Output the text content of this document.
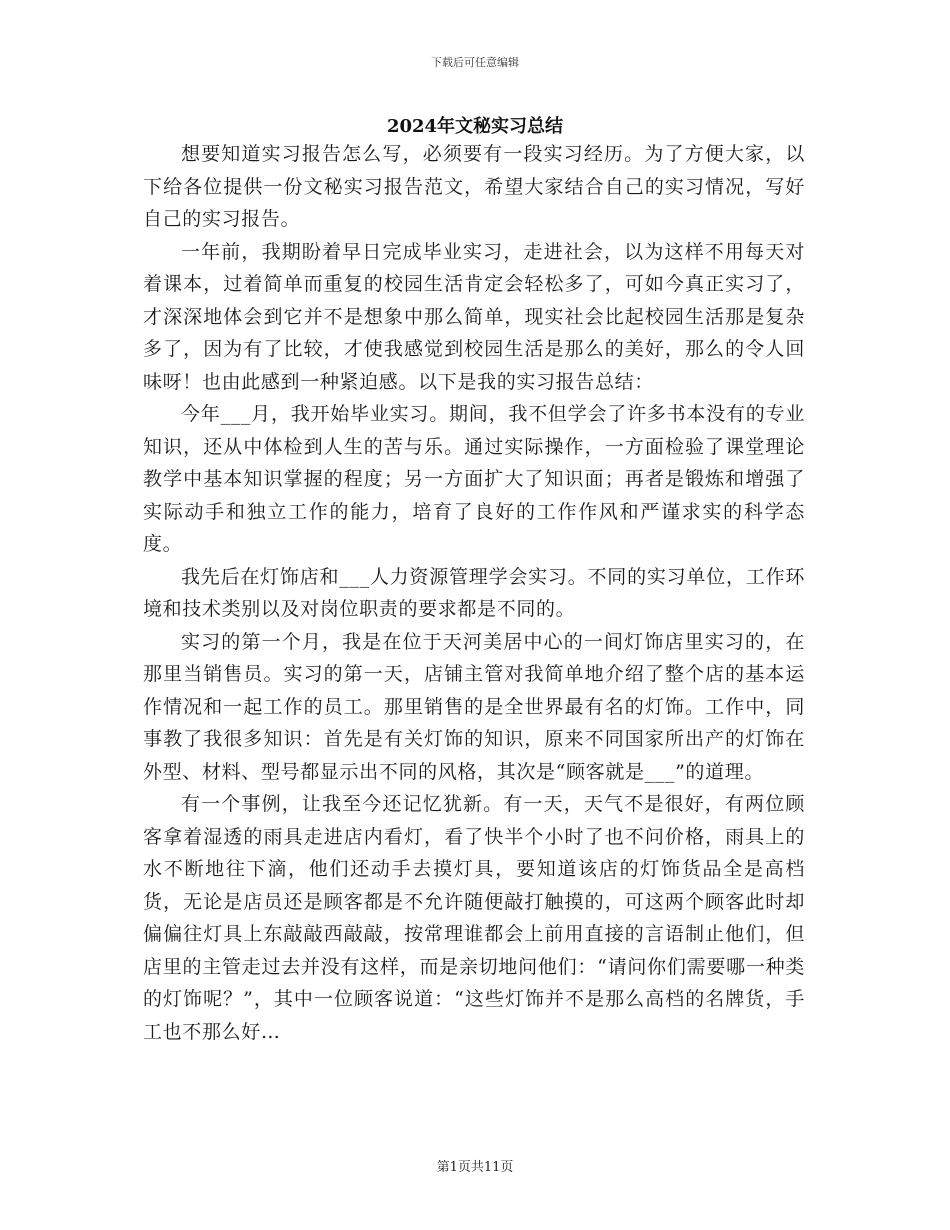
下载后可任意编辑
2024年文秘实习总结

想要知道实习报告怎么写，必须要有一段实习经历。为了方便大家，以下给各位提供一份文秘实习报告范文，希望大家结合自己的实习情况，写好自己的实习报告。

一年前，我期盼着早日完成毕业实习，走进社会，以为这样不用每天对着课本，过着简单而重复的校园生活肯定会轻松多了，可如今真正实习了，才深深地体会到它并不是想象中那么简单，现实社会比起校园生活那是复杂多了，因为有了比较，才使我感觉到校园生活是那么的美好，那么的令人回味呀！也由此感到一种紧迫感。以下是我的实习报告总结：

今年___月，我开始毕业实习。期间，我不但学会了许多书本没有的专业知识，还从中体检到人生的苦与乐。通过实际操作，一方面检验了课堂理论教学中基本知识掌握的程度；另一方面扩大了知识面；再者是锻炼和增强了实际动手和独立工作的能力，培育了良好的工作作风和严谨求实的科学态度。

我先后在灯饰店和___人力资源管理学会实习。不同的实习单位，工作环境和技术类别以及对岗位职责的要求都是不同的。

实习的第一个月，我是在位于天河美居中心的一间灯饰店里实习的，在那里当销售员。实习的第一天，店铺主管对我简单地介绍了整个店的基本运作情况和一起工作的员工。那里销售的是全世界最有名的灯饰。工作中，同事教了我很多知识：首先是有关灯饰的知识，原来不同国家所出产的灯饰在外型、材料、型号都显示出不同的风格，其次是“顾客就是___”的道理。

有一个事例，让我至今还记忆犹新。有一天，天气不是很好，有两位顾客拿着湿透的雨具走进店内看灯，看了快半个小时了也不问价格，雨具上的水不断地往下滴，他们还动手去摸灯具，要知道该店的灯饰货品全是高档货，无论是店员还是顾客都是不允许随便敲打触摸的，可这两个顾客此时却偏偏往灯具上东敲敲西敲敲，按常理谁都会上前用直接的言语制止他们，但店里的主管走过去并没有这样，而是亲切地问他们：“请问你们需要哪一种类的灯饰呢？”，其中一位顾客说道：“这些灯饰并不是那么高档的名牌货，手工也不那么好…

第1页共11页
